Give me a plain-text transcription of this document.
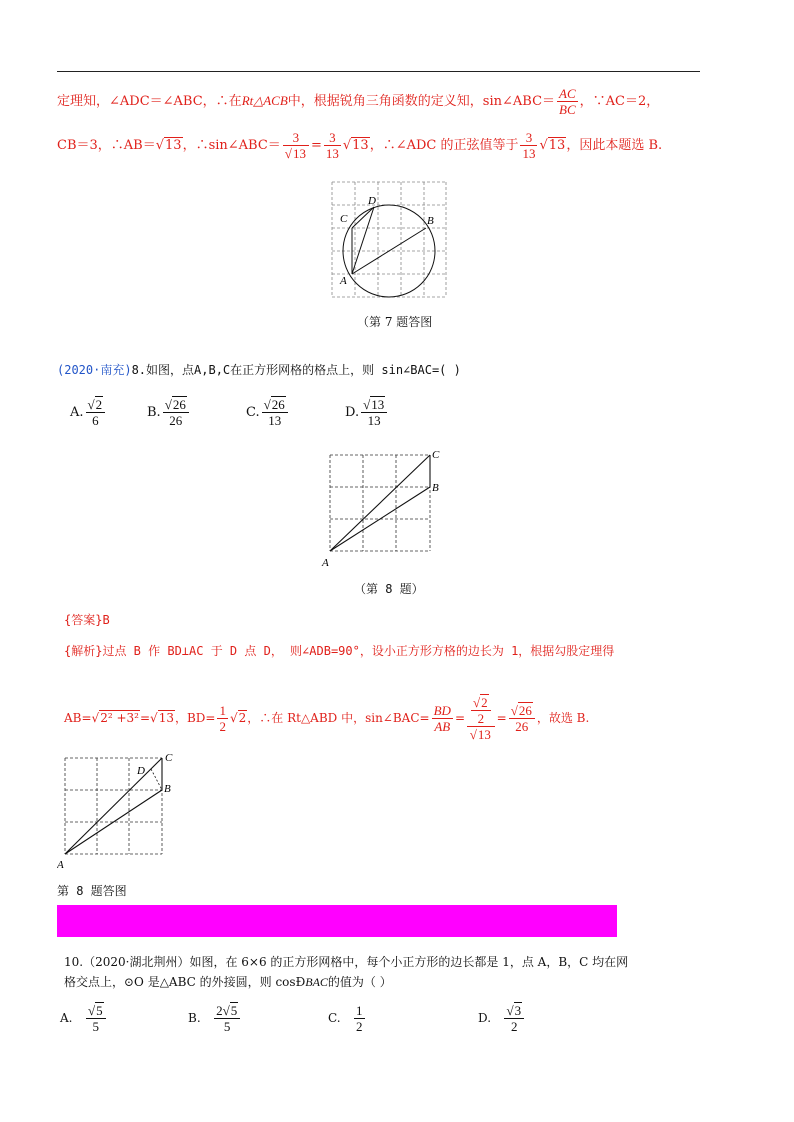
定理知，∠ADC＝∠ABC，∴在Rt△ACB中，根据锐角三角函数的定义知，sin∠ABC＝ $\frac{AC}{BC}$ ，∵AC＝2，
CB＝3，∴AB＝√13，∴sin∠ABC＝ $\frac{3}{√13} = \frac{3}{13} √13$，∴∠ADC 的正弦值等于 $\frac{3}{13} √13$，因此本题选 B.
A
B
C
D
（第 7 题答图
(2020·南充)8.如图，点A,B,C在正方形网格的格点上，则 sin∠BAC=( )
A. $\frac{√2}{6}$	B. $\frac{√26}{26}$	C. $\frac{√26}{13}$	D. $\frac{√13}{13}$
A
B
C
（第 8 题）
{答案}B
{解析}过点 B 作 BD⊥AC 于 D 点 D， 则∠ADB=90°，设小正方形方格的边长为 1，根据勾股定理得
AB=√2² +3²=√13，$BD= \frac{1}{2} √2$，∴在 Rt△ABD 中，sin∠BAC= $\frac{BD}{AB} = \frac{\frac{√2}{2}}{√13} = \frac{√26}{26}$ ，故选 B.
A
B
C
D
第 8 题答图
10.（2020·湖北荆州）如图，在 6×6 的正方形网格中，每个小正方形的边长都是 1，点 A，B，C 均在网
格交点上，⊙O 是△ABC 的外接圆，则 cosÐBAC的值为（ ）
A. $\frac{√5}{5}$	B. $\frac{2√5}{5}$	C. $\frac{1}{2}$	D. $\frac{√3}{2}$
